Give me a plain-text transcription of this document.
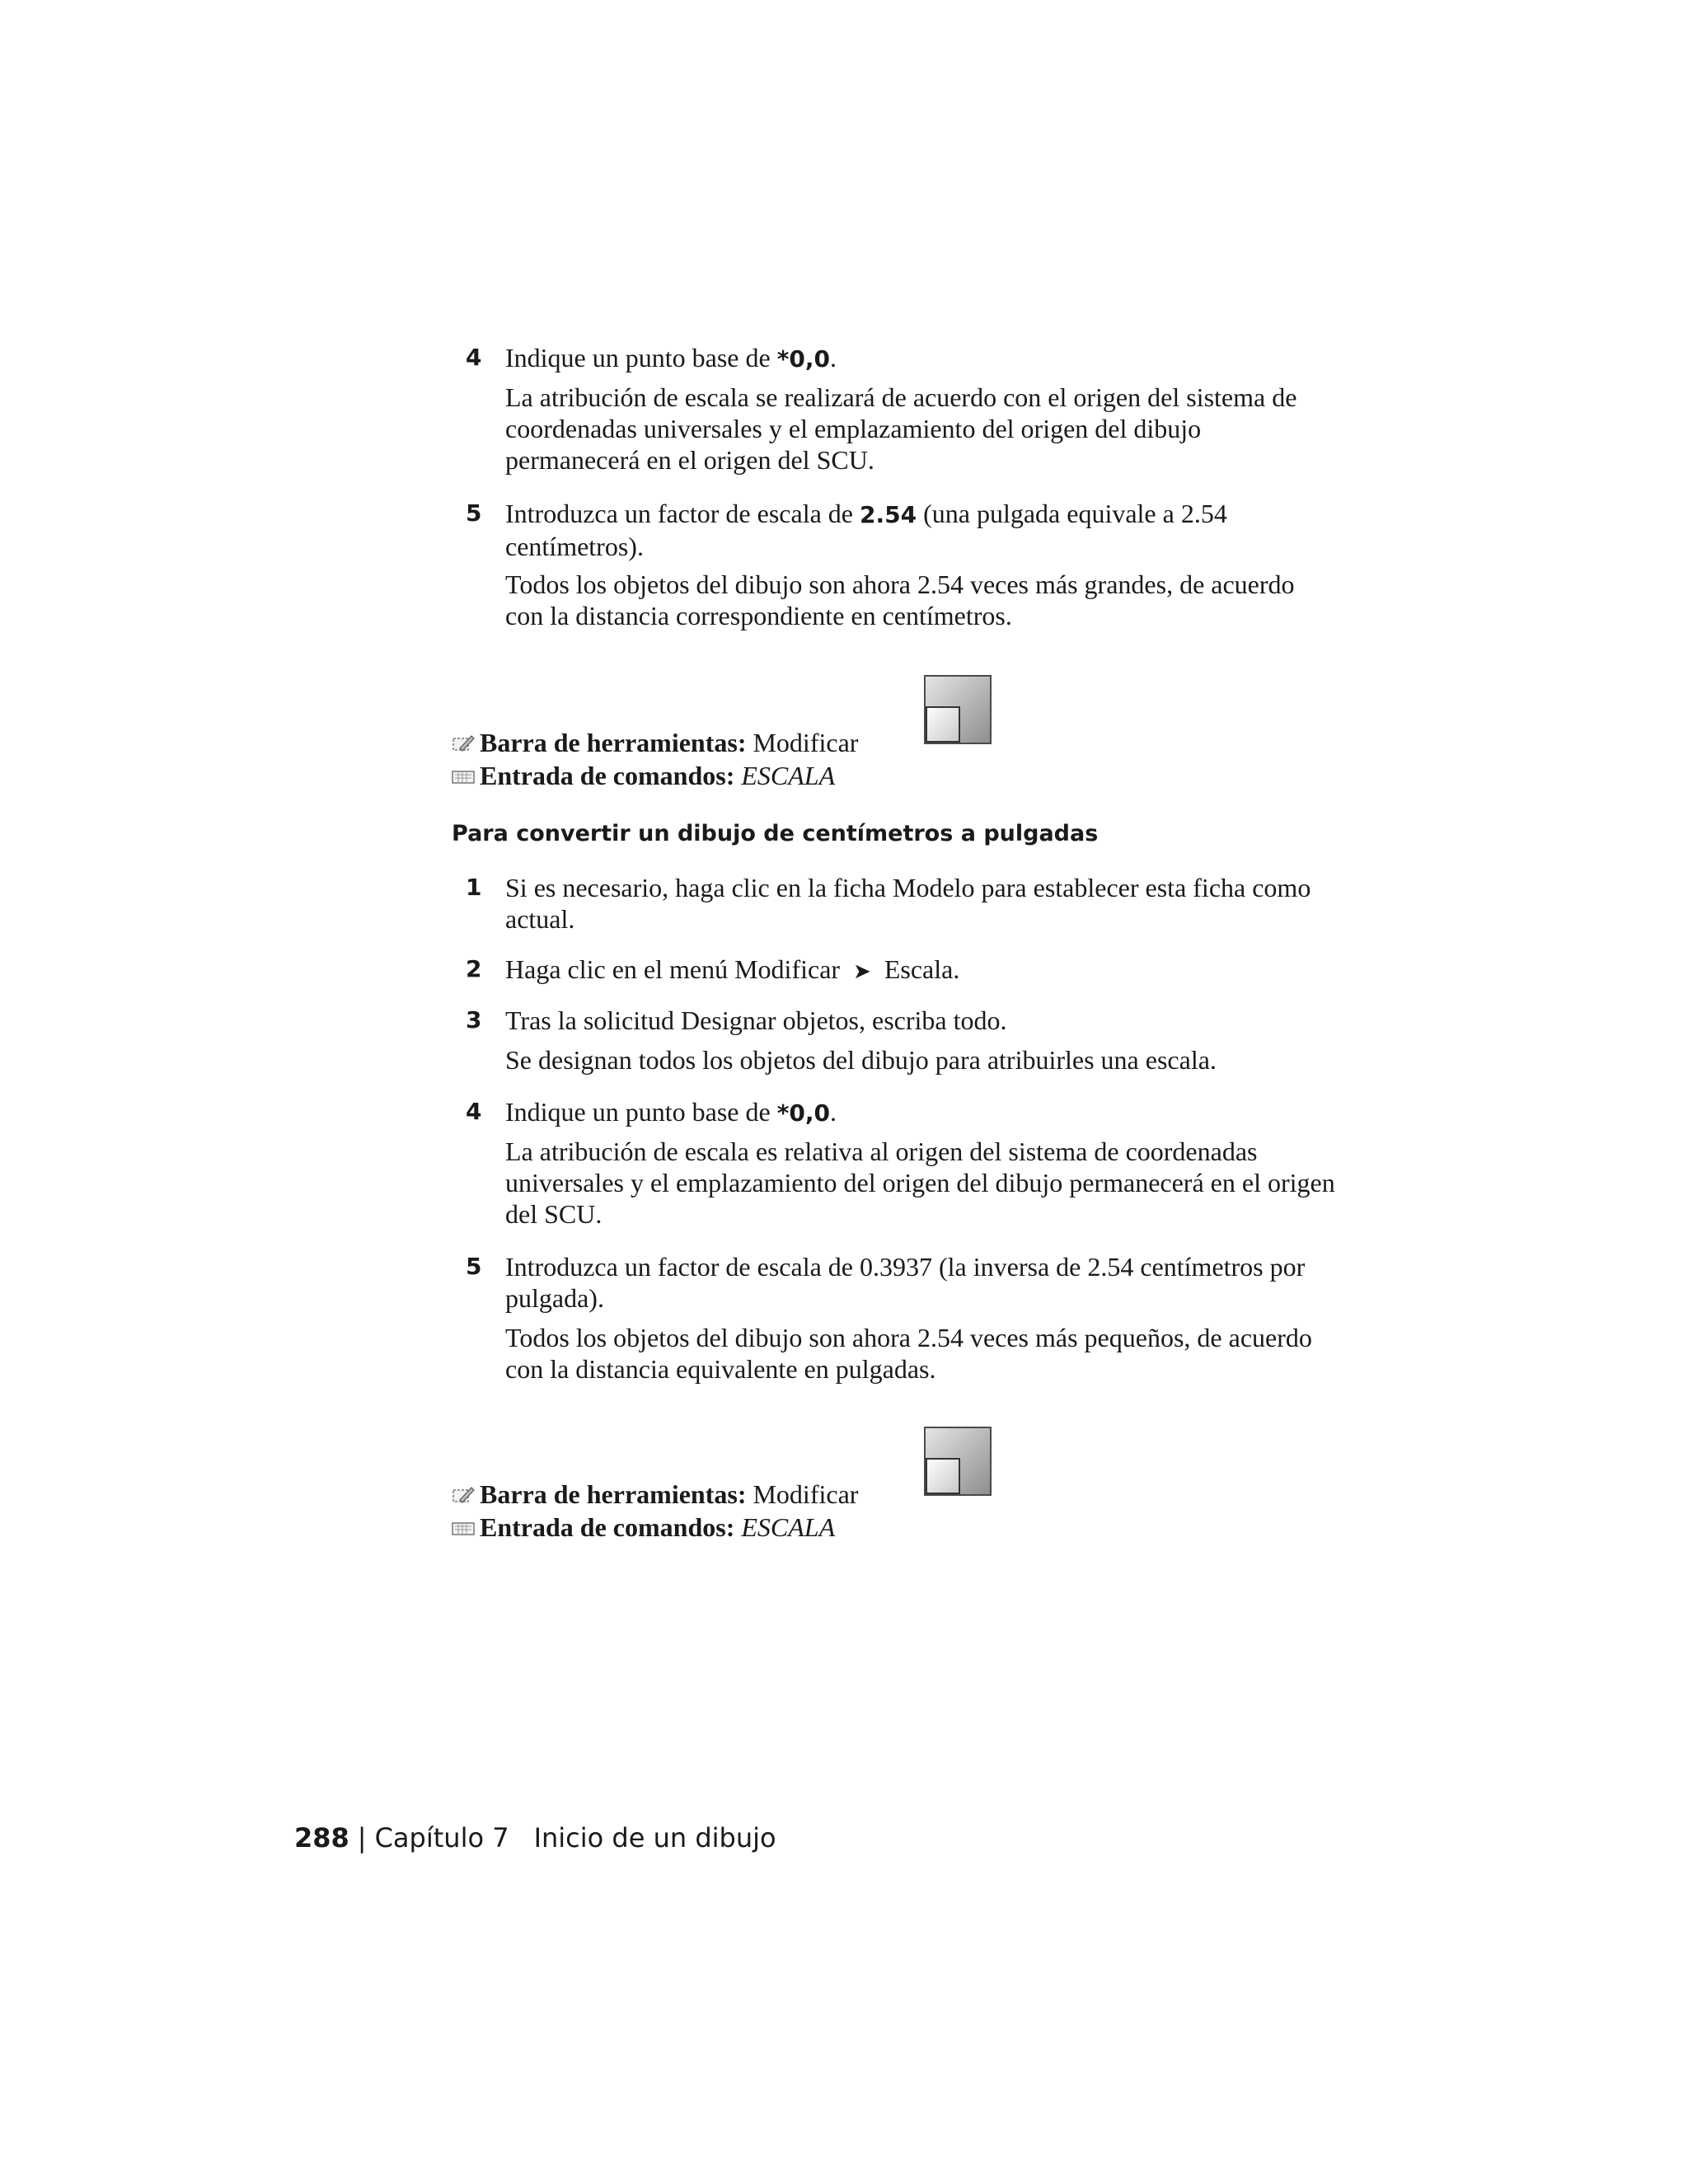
4 Indique un punto base de *0,0.
La atribución de escala se realizará de acuerdo con el origen del sistema de coordenadas universales y el emplazamiento del origen del dibujo permanecerá en el origen del SCU.
5 Introduzca un factor de escala de 2.54 (una pulgada equivale a 2.54 centímetros).
Todos los objetos del dibujo son ahora 2.54 veces más grandes, de acuerdo con la distancia correspondiente en centímetros.
Barra de herramientas: Modificar
Entrada de comandos: ESCALA
Para convertir un dibujo de centímetros a pulgadas
1 Si es necesario, haga clic en la ficha Modelo para establecer esta ficha como actual.
2 Haga clic en el menú Modificar ➤ Escala.
3 Tras la solicitud Designar objetos, escriba todo.
Se designan todos los objetos del dibujo para atribuirles una escala.
4 Indique un punto base de *0,0.
La atribución de escala es relativa al origen del sistema de coordenadas universales y el emplazamiento del origen del dibujo permanecerá en el origen del SCU.
5 Introduzca un factor de escala de 0.3937 (la inversa de 2.54 centímetros por pulgada).
Todos los objetos del dibujo son ahora 2.54 veces más pequeños, de acuerdo con la distancia equivalente en pulgadas.
Barra de herramientas: Modificar
Entrada de comandos: ESCALA
288 | Capítulo 7 Inicio de un dibujo
